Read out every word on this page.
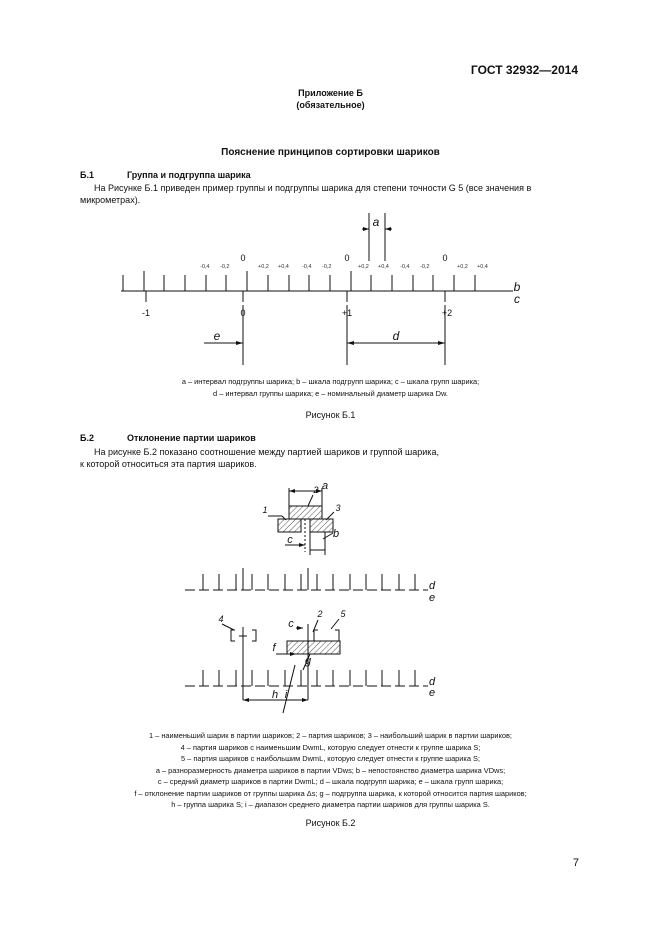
ГОСТ 32932—2014
Приложение Б
(обязательное)
Пояснение принципов сортировки шариков
Б.1	Группа и подгруппа шарика
На Рисунке Б.1 приведен пример группы и подгруппы шарика для степени точности G 5 (все значения в микрометрах).
-0,4 -0,2	+0,2 +0,4 -0,4 -0,2	+0,2 +0,4 -0,4 -0,2	+0,2 +0,4
0	0	0
-1	0	+1	+2
a
b
c
e	d
a – интервал подгруппы шарика; b – шкала подгрупп шарика; c – шкала групп шарика;
d – интервал группы шарика; e – номинальный диаметр шарика Dw.
Рисунок Б.1
Б.2	Отклонение партии шариков
На рисунке Б.2 показано соотношение между партией шариков и группой шарика, к которой относиться эта партия шариков.
a
b
c
d
e
c
f
g
d
e
h i
1
2
3
4	2 5
1 – наименьший шарик в партии шариков; 2 – партия шариков; 3 – наибольший шарик в партии шариков;
4 – партия шариков с наименьшим DwmL, которую следует отнести к группе шарика S;
5 – партия шариков с наибольшим DwmL, которую следует отнести к группе шарика S;
a – разноразмерность диаметра шариков в партии VDws; b – непостоянство диаметра шарика VDws;
c – средний диаметр шариков в партии DwmL; d – шкала подгрупп шарика; e – шкала групп шарика;
f – отклонение партии шариков от группы шарика Δs; g – подгруппа шарика, к которой относится партия шариков;
h – группа шарика S; i – диапазон среднего диаметра партии шариков для группы шарика S.
Рисунок Б.2
7
